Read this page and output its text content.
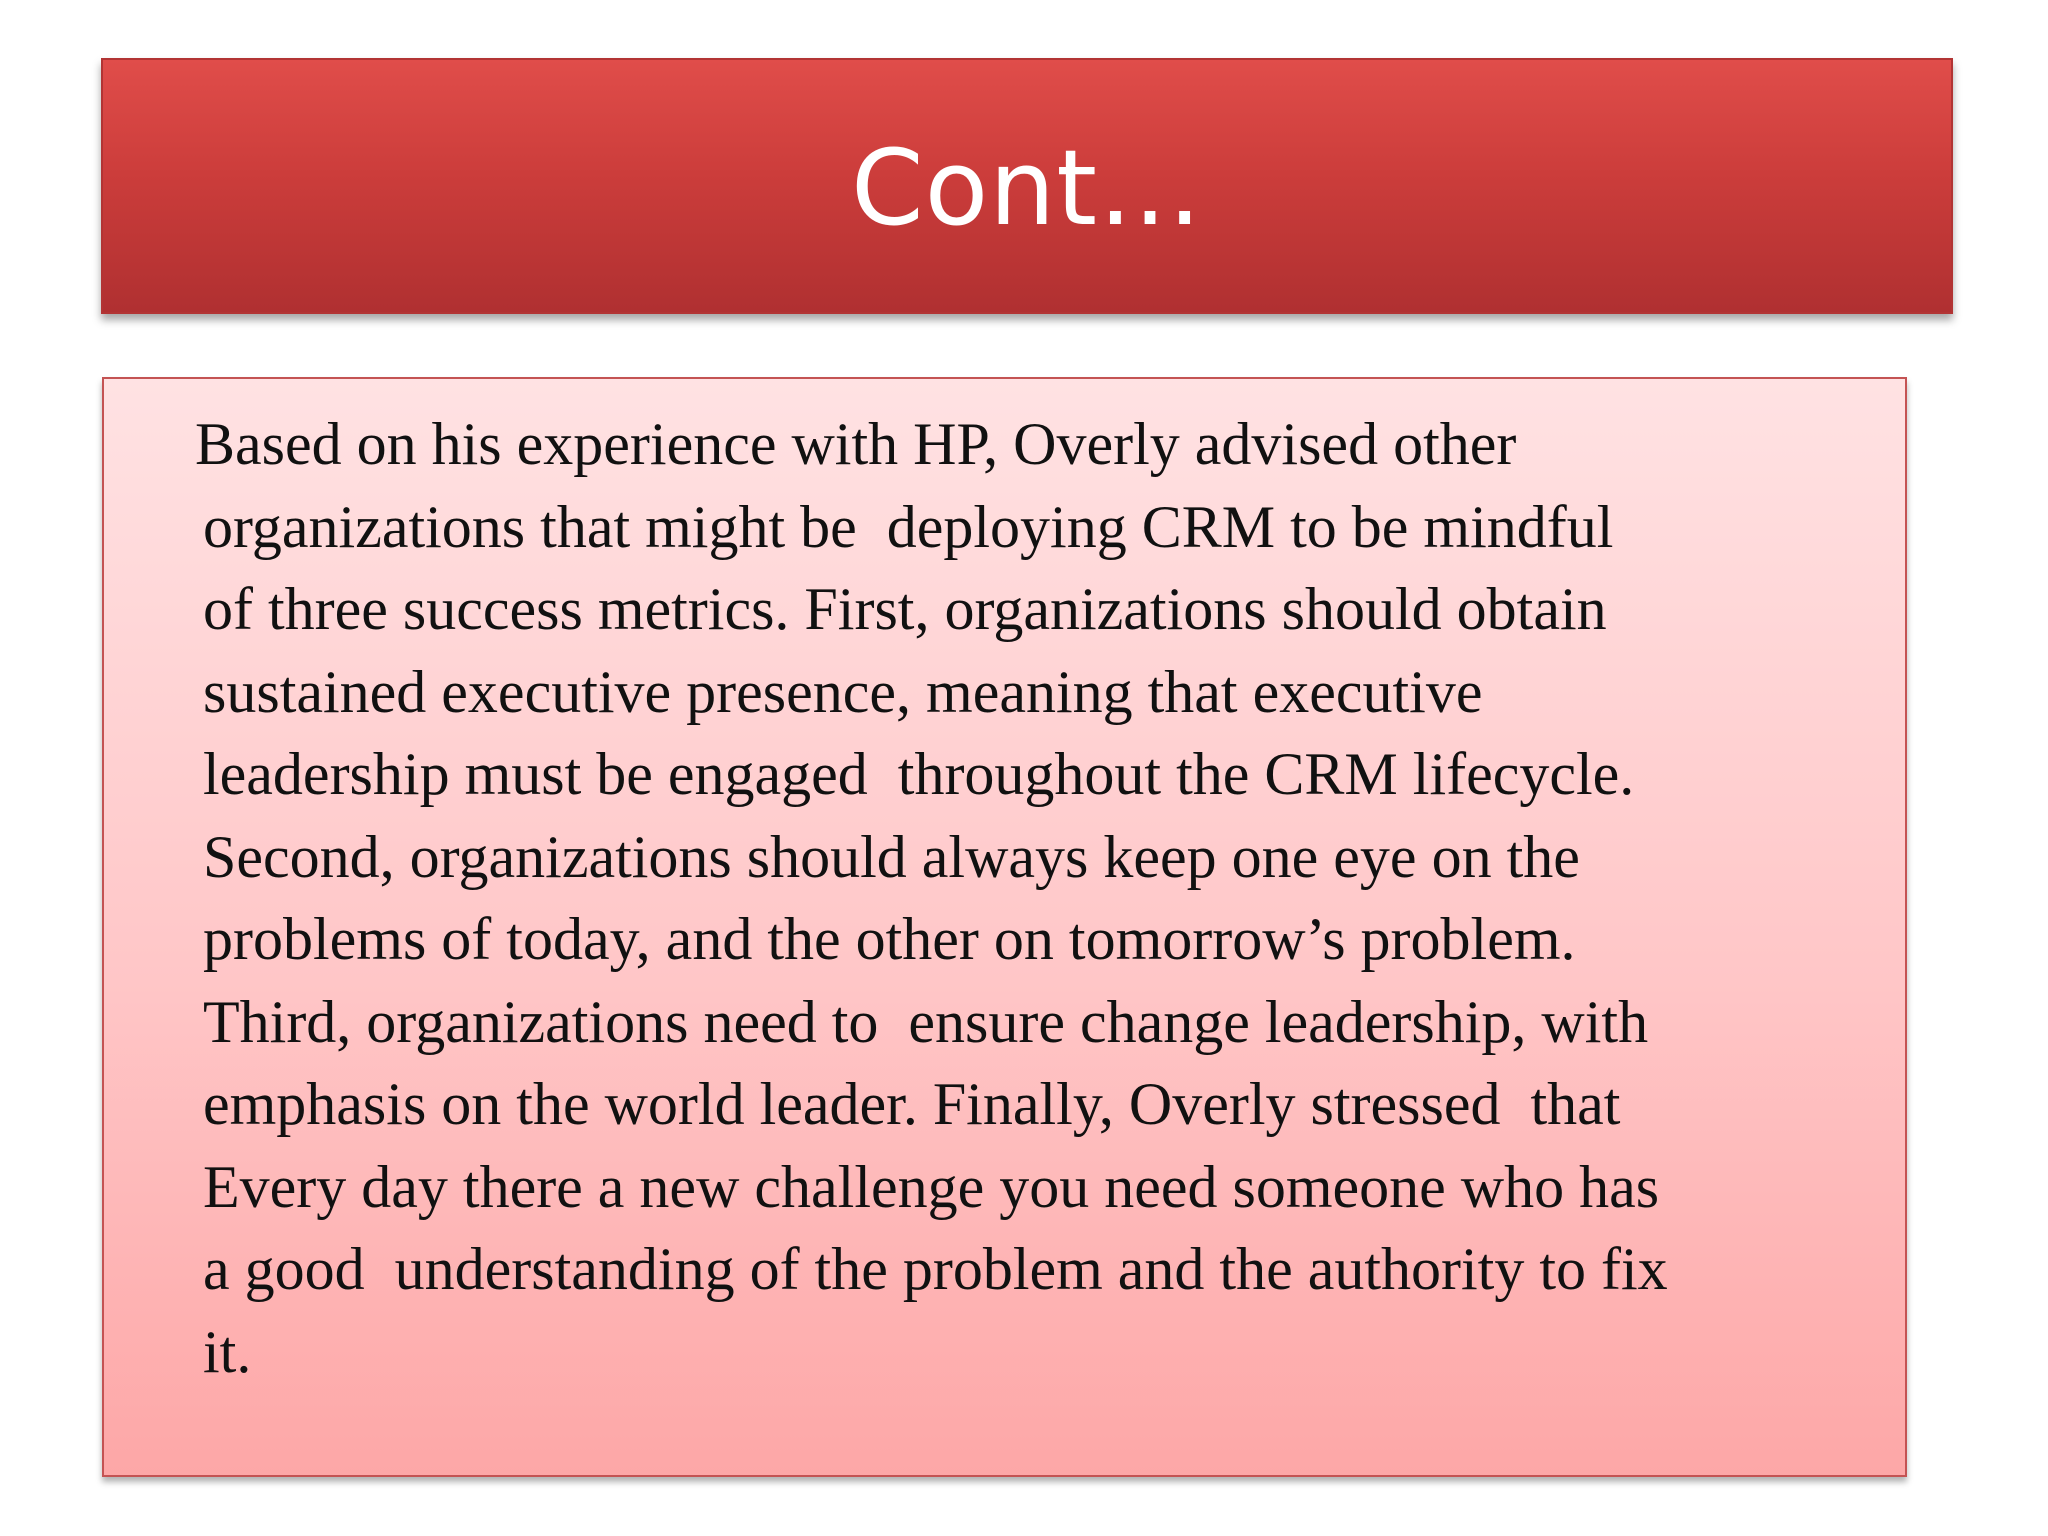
Cont…

Based on his experience with HP, Overly advised other
organizations that might be  deploying CRM to be mindful
of three success metrics. First, organizations should obtain
sustained executive presence, meaning that executive
leadership must be engaged  throughout the CRM lifecycle.
Second, organizations should always keep one eye on the
problems of today, and the other on tomorrow’s problem.
Third, organizations need to  ensure change leadership, with
emphasis on the world leader. Finally, Overly stressed  that
Every day there a new challenge you need someone who has
a good  understanding of the problem and the authority to fix
it.
